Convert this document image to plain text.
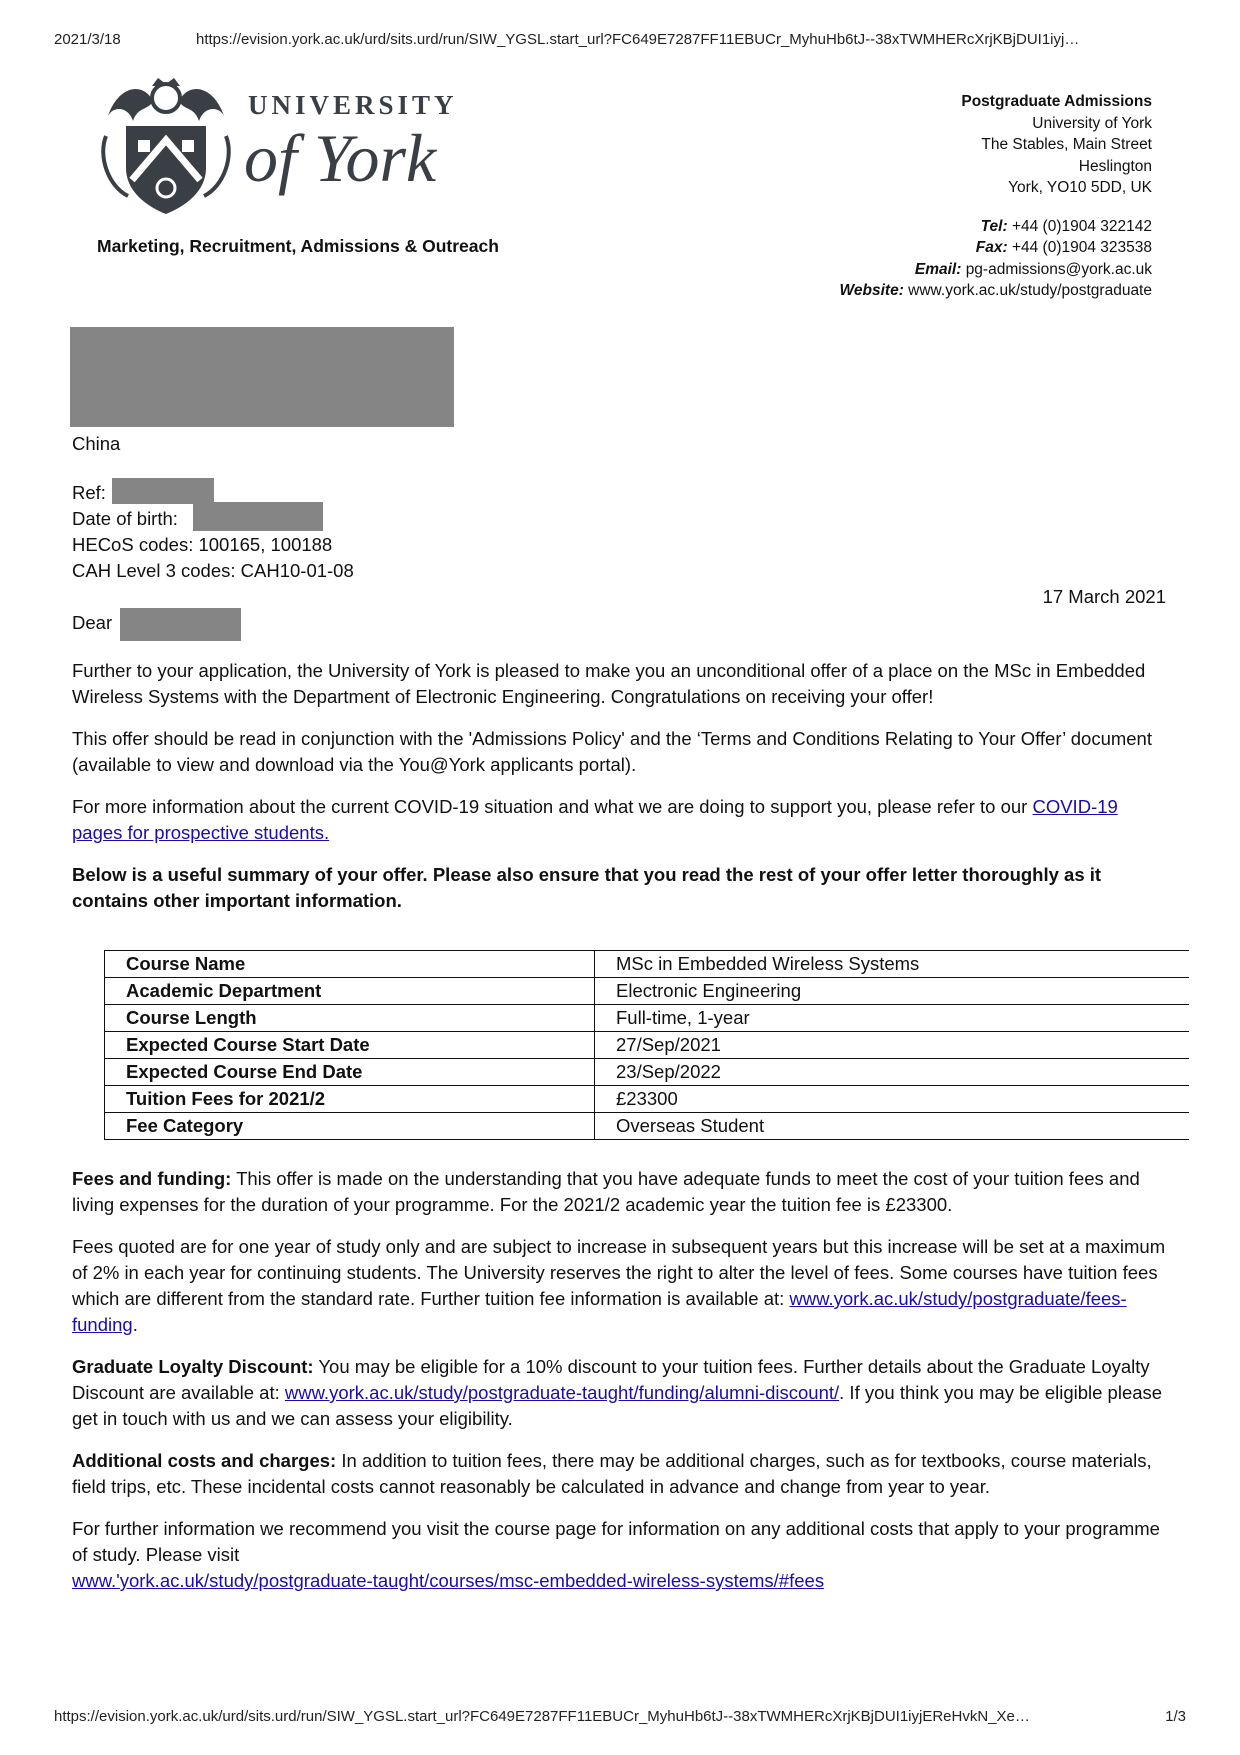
2021/3/18	https://evision.york.ac.uk/urd/sits.urd/run/SIW_YGSL.start_url?FC649E7287FF11EBUCr_MyhuHb6tJ--38xTWMHERcXrjKBjDUI1iyj…
UNIVERSITY
of York
Marketing, Recruitment, Admissions & Outreach
Postgraduate Admissions
University of York
The Stables, Main Street
Heslington
York, YO10 5DD, UK
Tel: +44 (0)1904 322142
Fax: +44 (0)1904 323538
Email: pg-admissions@york.ac.uk
Website: www.york.ac.uk/study/postgraduate
China
Ref:
Date of birth:
HECoS codes: 100165, 100188
CAH Level 3 codes: CAH10-01-08
17 March 2021
Dear

Further to your application, the University of York is pleased to make you an unconditional offer of a place on the MSc in Embedded Wireless Systems with the Department of Electronic Engineering. Congratulations on receiving your offer!

This offer should be read in conjunction with the 'Admissions Policy' and the ‘Terms and Conditions Relating to Your Offer’ document (available to view and download via the You@York applicants portal).

For more information about the current COVID-19 situation and what we are doing to support you, please refer to our COVID-19 pages for prospective students.

Below is a useful summary of your offer. Please also ensure that you read the rest of your offer letter thoroughly as it contains other important information.

Course Name	MSc in Embedded Wireless Systems
Academic Department	Electronic Engineering
Course Length	Full-time, 1-year
Expected Course Start Date	27/Sep/2021
Expected Course End Date	23/Sep/2022
Tuition Fees for 2021/2	£23300
Fee Category	Overseas Student

Fees and funding: This offer is made on the understanding that you have adequate funds to meet the cost of your tuition fees and living expenses for the duration of your programme. For the 2021/2 academic year the tuition fee is £23300.

Fees quoted are for one year of study only and are subject to increase in subsequent years but this increase will be set at a maximum of 2% in each year for continuing students. The University reserves the right to alter the level of fees. Some courses have tuition fees which are different from the standard rate. Further tuition fee information is available at: www.york.ac.uk/study/postgraduate/fees-funding.

Graduate Loyalty Discount: You may be eligible for a 10% discount to your tuition fees. Further details about the Graduate Loyalty Discount are available at: www.york.ac.uk/study/postgraduate-taught/funding/alumni-discount/. If you think you may be eligible please get in touch with us and we can assess your eligibility.

Additional costs and charges: In addition to tuition fees, there may be additional charges, such as for textbooks, course materials, field trips, etc. These incidental costs cannot reasonably be calculated in advance and change from year to year.

For further information we recommend you visit the course page for information on any additional costs that apply to your programme of study. Please visit
www.'york.ac.uk/study/postgraduate-taught/courses/msc-embedded-wireless-systems/#fees

https://evision.york.ac.uk/urd/sits.urd/run/SIW_YGSL.start_url?FC649E7287FF11EBUCr_MyhuHb6tJ--38xTWMHERcXrjKBjDUI1iyjEReHvkN_Xe…	1/3
